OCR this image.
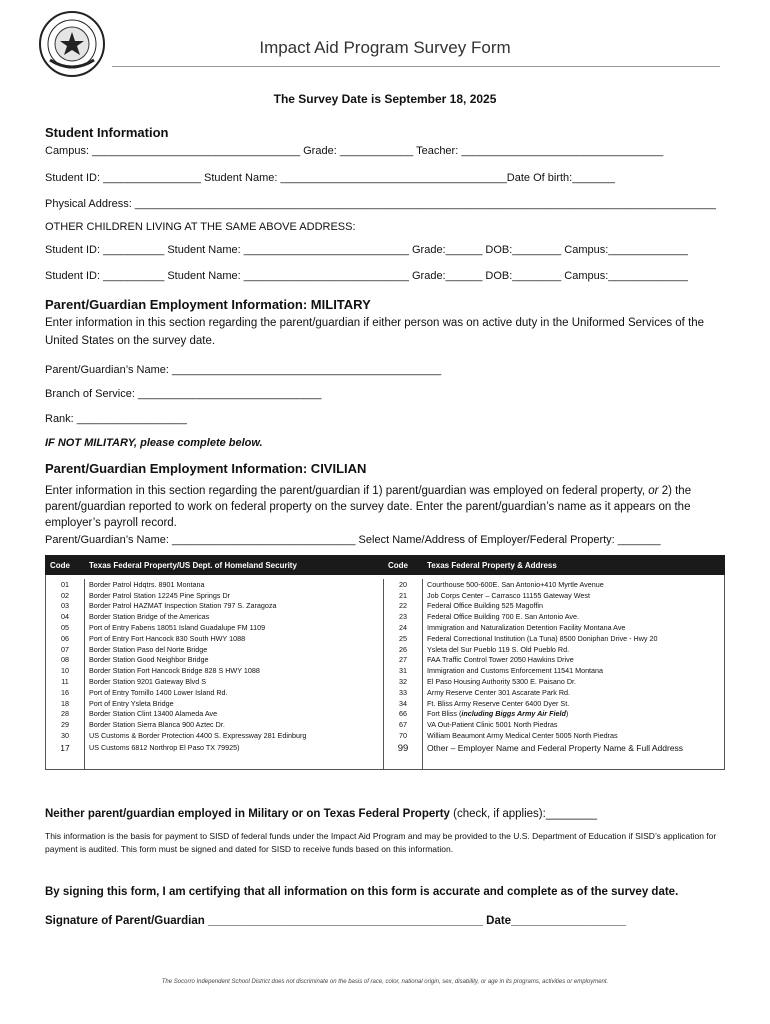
Impact Aid Program Survey Form
The Survey Date is September 18, 2025
Student Information
Campus: __________________________________ Grade: ____________ Teacher: _________________________________
Student ID: ________________ Student Name: _____________________________________Date Of birth:_______
Physical Address: _______________________________________________________________________________________________
OTHER CHILDREN LIVING AT THE SAME ABOVE ADDRESS:
Student ID: __________ Student Name: ___________________________ Grade:______ DOB:________ Campus:_____________
Student ID: __________ Student Name: ___________________________ Grade:______ DOB:________ Campus:_____________
Parent/Guardian Employment Information: MILITARY
Enter information in this section regarding the parent/guardian if either person was on active duty in the Uniformed Services of the United States on the survey date.
Parent/Guardian’s Name: ____________________________________________
Branch of Service: ______________________________
Rank: __________________
IF NOT MILITARY, please complete below.
Parent/Guardian Employment Information: CIVILIAN
Enter information in this section regarding the parent/guardian if 1) parent/guardian was employed on federal property, or 2) the parent/guardian reported to work on federal property on the survey date. Enter the parent/guardian’s name as it appears on the employer’s payroll record.
Parent/Guardian’s Name: ______________________________ Select Name/Address of Employer/Federal Property: _______
Code	Texas Federal Property/US Dept. of Homeland Security	Code	Texas Federal Property & Address

01	Border Patrol Hdqtrs. 8901 Montana	20	Courthouse 500-600E. San Antonio+410 Myrtle Avenue
02	Border Patrol Station 12245 Pine Springs Dr	21	Job Corps Center – Carrasco 11155 Gateway West
03	Border Patrol HAZMAT Inspection Station 797 S. Zaragoza	22	Federal Office Building 525 Magoffin
04	Border Station Bridge of the Americas	23	Federal Office Building 700 E. San Antonio Ave.
05	Port of Entry Fabens 18051 Island Guadalupe FM 1109	24	Immigration and Naturalization Detention Facility Montana Ave
06	Port of Entry Fort Hancock 830 South HWY 1088	25	Federal Correctional Institution (La Tuna) 8500 Doniphan Drive - Hwy 20
07	Border Station Paso del Norte Bridge	26	Ysleta del Sur Pueblo 119 S. Old Pueblo Rd.
08	Border Station Good Neighbor Bridge	27	FAA Traffic Control Tower 2050 Hawkins Drive
10	Border Station Fort Hancock Bridge 828 S HWY 1088	31	Immigration and Customs Enforcement 11541 Montana
11	Border Station 9201 Gateway Blvd S	32	El Paso Housing Authority 5300 E. Paisano Dr.
16	Port of Entry Tornillo 1400 Lower Island Rd.	33	Army Reserve Center 301 Ascarate Park Rd.
18	Port of Entry Ysleta Bridge	34	Ft. Bliss Army Reserve Center 6400 Dyer St.
28	Border Station Clint 13400 Alameda Ave	66	Fort Bliss (including Biggs Army Air Field)
29	Border Station Sierra Blanca 900 Aztec Dr.	67	VA Out-Patient Clinic 5001 North Piedras
30	US Customs & Border Protection 4400 S. Expressway 281 Edinburg	70	William Beaumont Army Medical Center 5005 North Piedras
17	US Customs 6812 Northrop El Paso TX 79925)	99	Other – Employer Name and Federal Property Name & Full Address
Neither parent/guardian employed in Military or on Texas Federal Property (check, if applies):________
This information is the basis for payment to SISD of federal funds under the Impact Aid Program and may be provided to the U.S. Department of Education if SISD’s application for payment is audited. This form must be signed and dated for SISD to receive funds based on this information.
By signing this form, I am certifying that all information on this form is accurate and complete as of the survey date.
Signature of Parent/Guardian ___________________________________________ Date__________________
The Socorro Independent School District does not discriminate on the basis of race, color, national origin, sex, disability, or age in its programs, activities or employment.
